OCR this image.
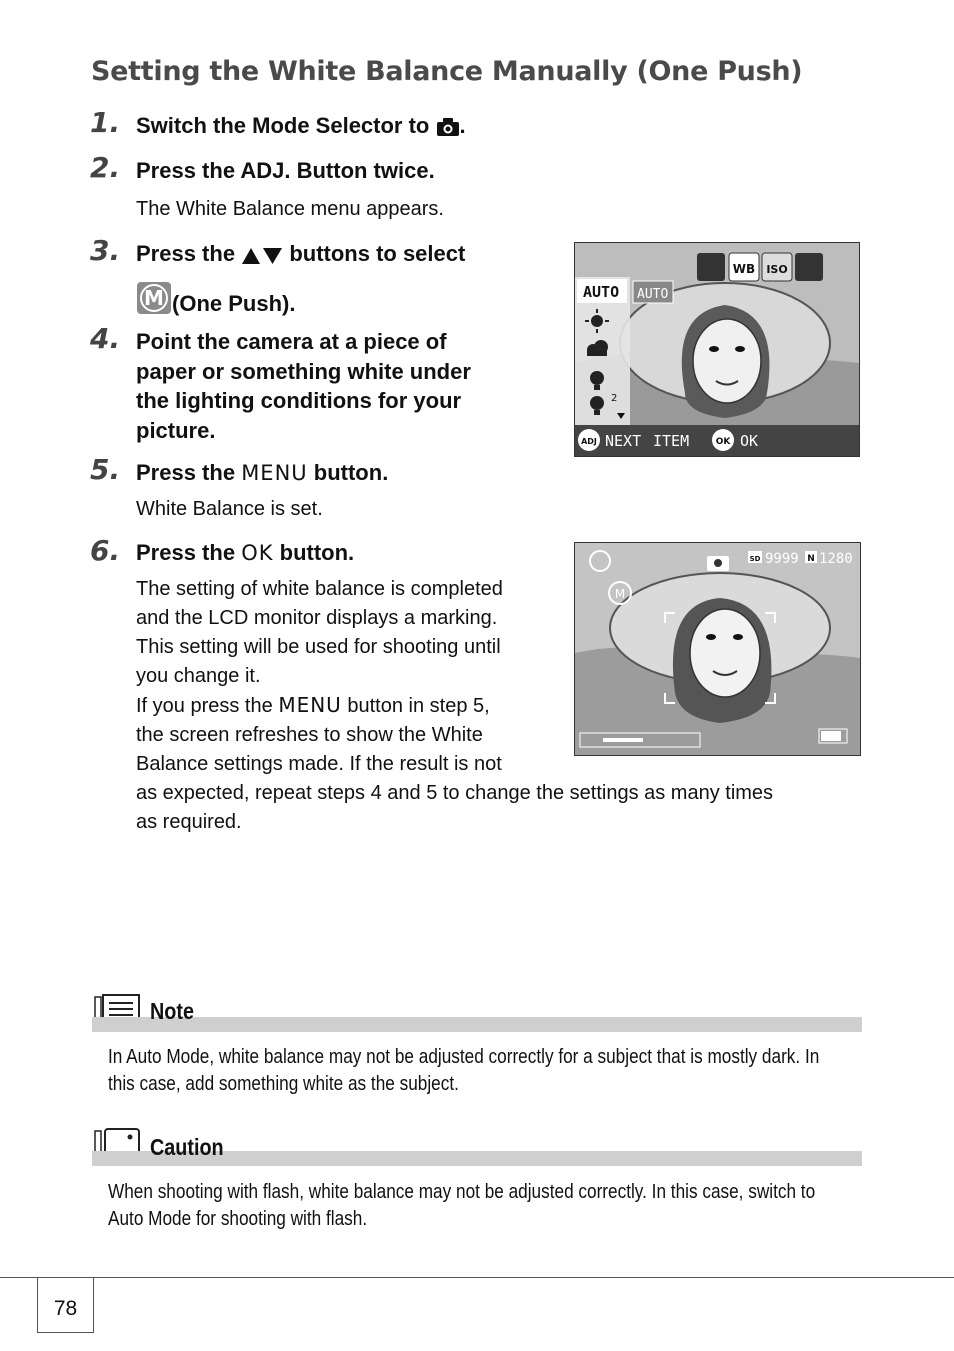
Setting the White Balance Manually (One Push)
1. Switch the Mode Selector to .
2. Press the ADJ. Button twice.
The White Balance menu appears.
3. Press the buttons to select
M (One Push).
4. Point the camera at a piece of
paper or something white under
the lighting conditions for your
picture.
5. Press the MENU button.
White Balance is set.
6. Press the OK button.
The setting of white balance is completed
and the LCD monitor displays a marking.
This setting will be used for shooting until
you change it.
If you press the MENU button in step 5,
the screen refreshes to show the White
Balance settings made. If the result is not
as expected, repeat steps 4 and 5 to change the settings as many times
as required.
AUTO AUTO
2
WB ISO
ADJ NEXT ITEM	OK OK
M
SD 9999 N 1280
Note
In Auto Mode, white balance may not be adjusted correctly for a subject that is mostly dark. In
this case, add something white as the subject.
Caution
When shooting with flash, white balance may not be adjusted correctly. In this case, switch to
Auto Mode for shooting with flash.
78
